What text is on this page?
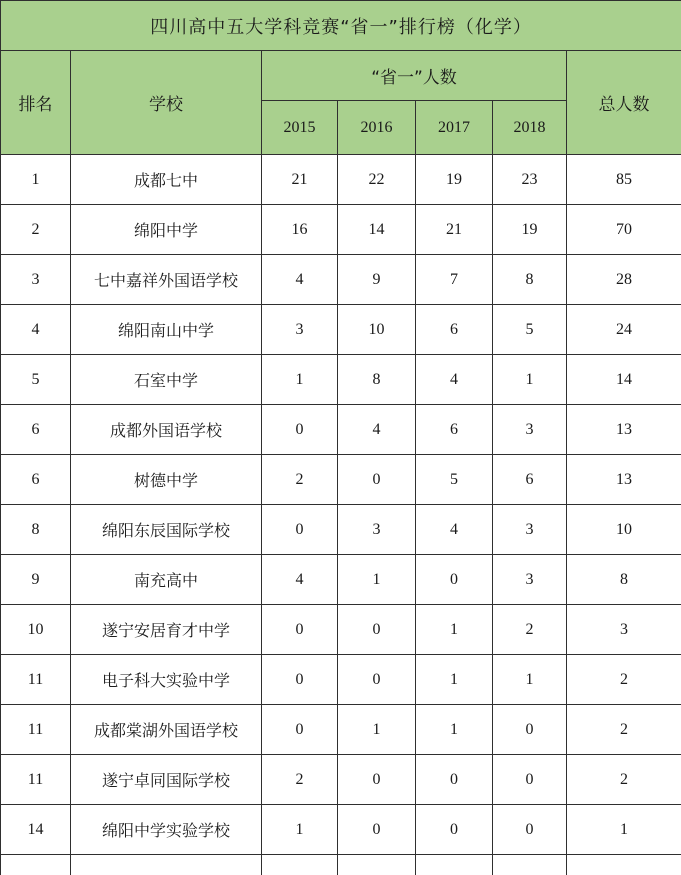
四川高中五大学科竞赛“省一”排行榜（化学）						
排名	学校	“省一”人数				总人数
		2015	2016	2017	2018	
1	成都七中	21	22	19	23	85
2	绵阳中学	16	14	21	19	70
3	七中嘉祥外国语学校	4	9	7	8	28
4	绵阳南山中学	3	10	6	5	24
5	石室中学	1	8	4	1	14
6	成都外国语学校	0	4	6	3	13
6	树德中学	2	0	5	6	13
8	绵阳东辰国际学校	0	3	4	3	10
9	南充高中	4	1	0	3	8
10	遂宁安居育才中学	0	0	1	2	3
11	电子科大实验中学	0	0	1	1	2
11	成都棠湖外国语学校	0	1	1	0	2
11	遂宁卓同国际学校	2	0	0	0	2
14	绵阳中学实验学校	1	0	0	0	1
